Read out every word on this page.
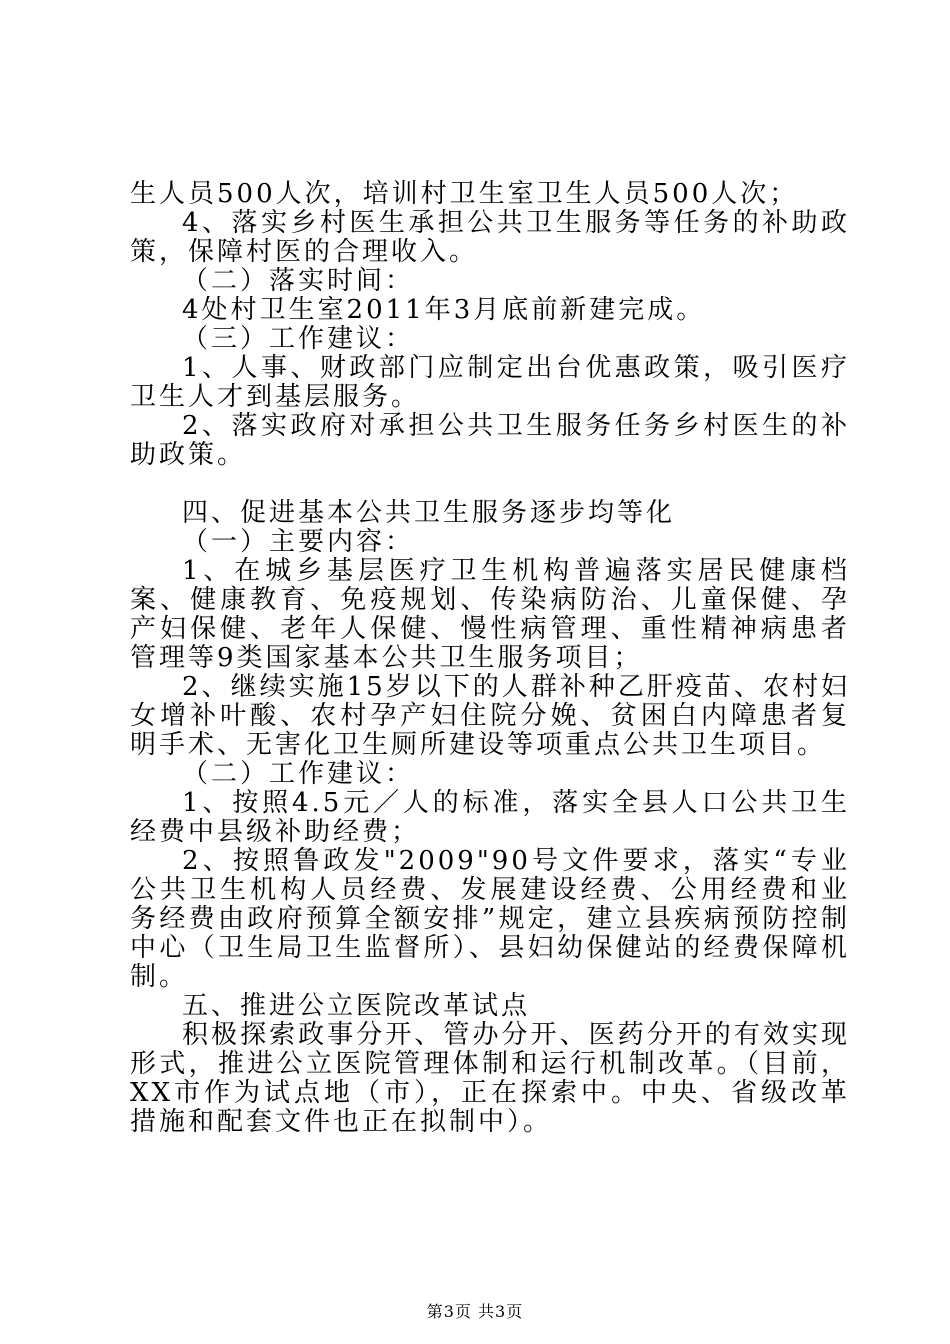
生人员500人次，培训村卫生室卫生人员500人次；

4、落实乡村医生承担公共卫生服务等任务的补助政策，保障村医的合理收入。

（二）落实时间：

4处村卫生室2011年3月底前新建完成。

（三）工作建议：

1、人事、财政部门应制定出台优惠政策，吸引医疗卫生人才到基层服务。

2、落实政府对承担公共卫生服务任务乡村医生的补助政策。

四、促进基本公共卫生服务逐步均等化

（一）主要内容：

1、在城乡基层医疗卫生机构普遍落实居民健康档案、健康教育、免疫规划、传染病防治、儿童保健、孕产妇保健、老年人保健、慢性病管理、重性精神病患者管理等9类国家基本公共卫生服务项目；

2、继续实施15岁以下的人群补种乙肝疫苗、农村妇女增补叶酸、农村孕产妇住院分娩、贫困白内障患者复明手术、无害化卫生厕所建设等项重点公共卫生项目。

（二）工作建议：

1、按照4.5元／人的标准，落实全县人口公共卫生经费中县级补助经费；

2、按照鲁政发"2009"90号文件要求，落实“专业公共卫生机构人员经费、发展建设经费、公用经费和业务经费由政府预算全额安排”规定，建立县疾病预防控制中心（卫生局卫生监督所）、县妇幼保健站的经费保障机制。

五、推进公立医院改革试点

积极探索政事分开、管办分开、医药分开的有效实现形式，推进公立医院管理体制和运行机制改革。（目前，XX市作为试点地（市），正在探索中。中央、省级改革措施和配套文件也正在拟制中）。

第3页 共3页
